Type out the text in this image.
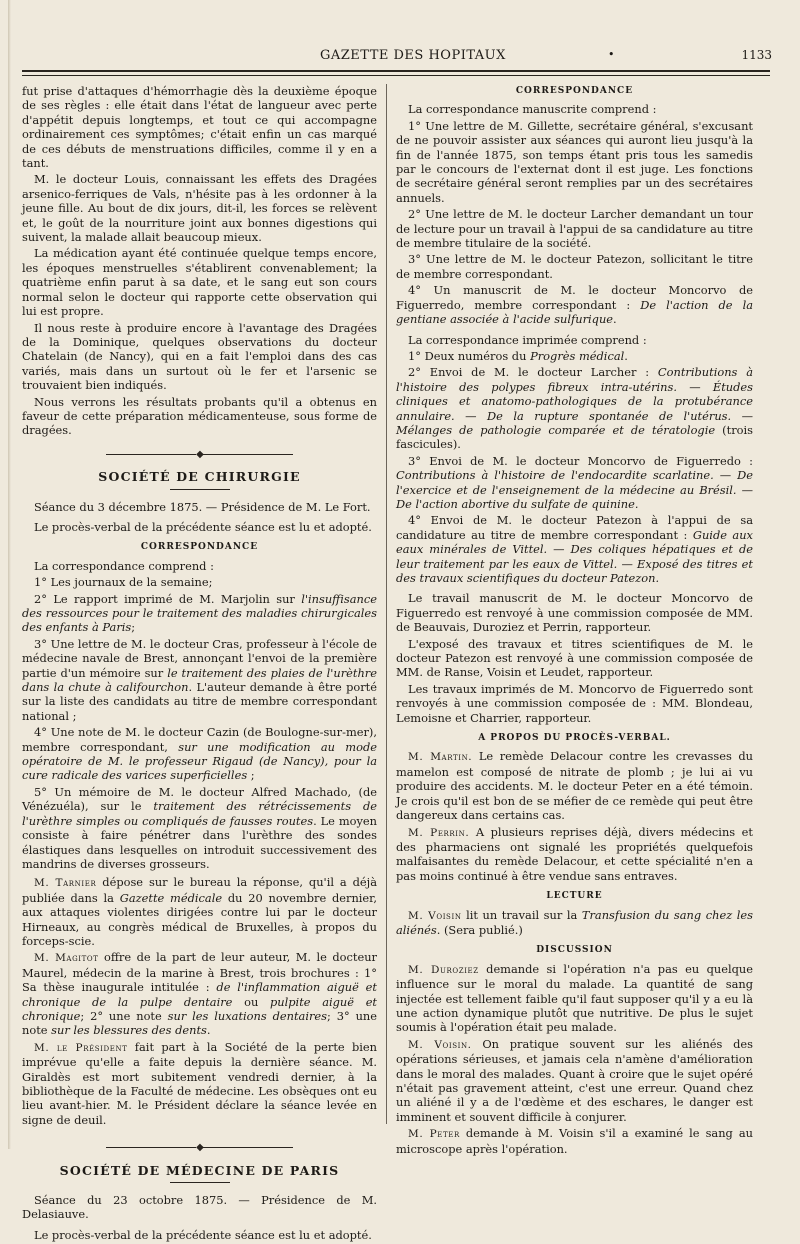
GAZETTE DES HOPITAUX	•	1133

fut prise d'attaques d'hémorrhagie dès la deuxième époque de ses règles : elle était dans l'état de langueur avec perte d'appétit depuis longtemps, et tout ce qui accompagne ordinairement ces symptômes; c'était enfin un cas marqué de ces débuts de menstruations difficiles, comme il y en a tant.

M. le docteur Louis, connaissant les effets des Dragées arsenico-ferriques de Vals, n'hésite pas à les ordonner à la jeune fille. Au bout de dix jours, dit-il, les forces se relèvent et, le goût de la nourriture joint aux bonnes digestions qui suivent, la malade allait beaucoup mieux.

La médication ayant été continuée quelque temps encore, les époques menstruelles s'établirent convenablement; la quatrième enfin parut à sa date, et le sang eut son cours normal selon le docteur qui rapporte cette observation qui lui est propre.

Il nous reste à produire encore à l'avantage des Dragées de la Dominique, quelques observations du docteur Chatelain (de Nancy), qui en a fait l'emploi dans des cas variés, mais dans un surtout où le fer et l'arsenic se trouvaient bien indiqués.

Nous verrons les résultats probants qu'il a obtenus en faveur de cette préparation médicamenteuse, sous forme de dragées.

◆
SOCIÉTÉ DE CHIRURGIE

Séance du 3 décembre 1875. — Présidence de M. Le Fort.

Le procès-verbal de la précédente séance est lu et adopté.

CORRESPONDANCE

La correspondance comprend :

1° Les journaux de la semaine;

2° Le rapport imprimé de M. Marjolin sur l'insuffisance des ressources pour le traitement des maladies chirurgicales des enfants à Paris;

3° Une lettre de M. le docteur Cras, professeur à l'école de médecine navale de Brest, annonçant l'envoi de la première partie d'un mémoire sur le traitement des plaies de l'urèthre dans la chute à califourchon. L'auteur demande à être porté sur la liste des candidats au titre de membre correspondant national ;

4° Une note de M. le docteur Cazin (de Boulogne-sur-mer), membre correspondant, sur une modification au mode opératoire de M. le professeur Rigaud (de Nancy), pour la cure radicale des varices superficielles ;

5° Un mémoire de M. le docteur Alfred Machado, (de Vénézuéla), sur le traitement des rétrécissements de l'urèthre simples ou compliqués de fausses routes. Le moyen consiste à faire pénétrer dans l'urèthre des sondes élastiques dans lesquelles on introduit successivement des mandrins de diverses grosseurs.

M. Tarnier dépose sur le bureau la réponse, qu'il a déjà publiée dans la Gazette médicale du 20 novembre dernier, aux attaques violentes dirigées contre lui par le docteur Hirneaux, au congrès médical de Bruxelles, à propos du forceps-scie.

M. Magitot offre de la part de leur auteur, M. le docteur Maurel, médecin de la marine à Brest, trois brochures : 1° Sa thèse inaugurale intitulée : de l'inflammation aiguë et chronique de la pulpe dentaire ou pulpite aiguë et chronique; 2° une note sur les luxations dentaires; 3° une note sur les blessures des dents.

M. le Président fait part à la Société de la perte bien imprévue qu'elle a faite depuis la dernière séance. M. Giraldès est mort subitement vendredi dernier, à la bibliothèque de la Faculté de médecine. Les obsèques ont eu lieu avant-hier. M. le Président déclare la séance levée en signe de deuil.

◆
SOCIÉTÉ DE MÉDECINE DE PARIS

Séance du 23 octobre 1875. — Présidence de M. Delasiauve.

Le procès-verbal de la précédente séance est lu et adopté.

CORRESPONDANCE

La correspondance manuscrite comprend :

1° Une lettre de M. Gillette, secrétaire général, s'excusant de ne pouvoir assister aux séances qui auront lieu jusqu'à la fin de l'année 1875, son temps étant pris tous les samedis par le concours de l'externat dont il est juge. Les fonctions de secrétaire général seront remplies par un des secrétaires annuels.

2° Une lettre de M. le docteur Larcher demandant un tour de lecture pour un travail à l'appui de sa candidature au titre de membre titulaire de la société.

3° Une lettre de M. le docteur Patezon, sollicitant le titre de membre correspondant.

4° Un manuscrit de M. le docteur Moncorvo de Figuerredo, membre correspondant : De l'action de la gentiane associée à l'acide sulfurique.

La correspondance imprimée comprend :

1° Deux numéros du Progrès médical.

2° Envoi de M. le docteur Larcher : Contributions à l'histoire des polypes fibreux intra-utérins. — Études cliniques et anatomo-pathologiques de la protubérance annulaire. — De la rupture spontanée de l'utérus. — Mélanges de pathologie comparée et de tératologie (trois fascicules).

3° Envoi de M. le docteur Moncorvo de Figuerredo : Contributions à l'histoire de l'endocardite scarlatine. — De l'exercice et de l'enseignement de la médecine au Brésil. — De l'action abortive du sulfate de quinine.

4° Envoi de M. le docteur Patezon à l'appui de sa candidature au titre de membre correspondant : Guide aux eaux minérales de Vittel. — Des coliques hépatiques et de leur traitement par les eaux de Vittel. — Exposé des titres et des travaux scientifiques du docteur Patezon.

Le travail manuscrit de M. le docteur Moncorvo de Figuerredo est renvoyé à une commission composée de MM. de Beauvais, Duroziez et Perrin, rapporteur.

L'exposé des travaux et titres scientifiques de M. le docteur Patezon est renvoyé à une commission composée de MM. de Ranse, Voisin et Leudet, rapporteur.

Les travaux imprimés de M. Moncorvo de Figuerredo sont renvoyés à une commission composée de : MM. Blondeau, Lemoisne et Charrier, rapporteur.

A PROPOS DU PROCÈS-VERBAL.

M. Martin. Le remède Delacour contre les crevasses du mamelon est composé de nitrate de plomb ; je lui ai vu produire des accidents. M. le docteur Peter en a été témoin. Je crois qu'il est bon de se méfier de ce remède qui peut être dangereux dans certains cas.

M. Perrin. A plusieurs reprises déjà, divers médecins et des pharmaciens ont signalé les propriétés quelquefois malfaisantes du remède Delacour, et cette spécialité n'en a pas moins continué à être vendue sans entraves.

LECTURE

M. Voisin lit un travail sur la Transfusion du sang chez les aliénés. (Sera publié.)

DISCUSSION

M. Duroziez demande si l'opération n'a pas eu quelque influence sur le moral du malade. La quantité de sang injectée est tellement faible qu'il faut supposer qu'il y a eu là une action dynamique plutôt que nutritive. De plus le sujet soumis à l'opération était peu malade.

M. Voisin. On pratique souvent sur les aliénés des opérations sérieuses, et jamais cela n'amène d'amélioration dans le moral des malades. Quant à croire que le sujet opéré n'était pas gravement atteint, c'est une erreur. Quand chez un aliéné il y a de l'œdème et des eschares, le danger est imminent et souvent difficile à conjurer.

M. Peter demande à M. Voisin s'il a examiné le sang au microscope après l'opération.
